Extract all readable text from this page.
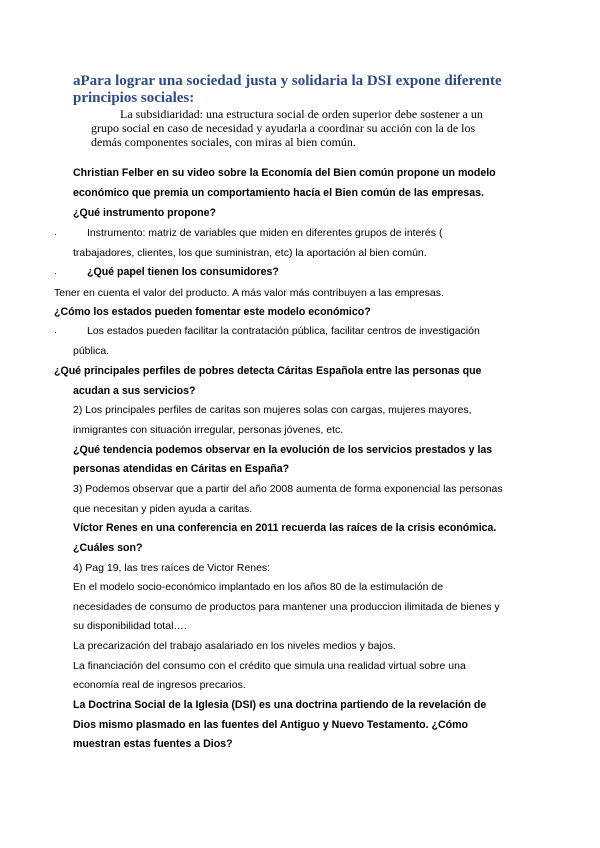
aPara lograr una sociedad justa y solidaria la DSI expone diferente
principios sociales:
La subsidiaridad: una estructura social de orden superior debe sostener a un
grupo social en caso de necesidad y ayudarla a coordinar su acción con la de los
demás componentes sociales, con miras al bien común.
Christian Felber en su video sobre la Economía del Bien común propone un modelo
económico que premia un comportamiento hacía el Bien común de las empresas.
¿Qué instrumento propone?
·	Instrumento: matriz de variables que miden en diferentes grupos de interés (
trabajadores, clientes, los que suministran, etc) la aportación al bien común.
·	¿Qué papel tienen los consumidores?
Tener en cuenta el valor del producto. A más valor más contribuyen a las empresas.
¿Cómo los estados pueden fomentar este modelo económico?
·	Los estados pueden facilitar la contratación pública, facilitar centros de investigación
pública.
¿Qué principales perfiles de pobres detecta Cáritas Española entre las personas que
acudan a sus servicios?
2) Los principales perfiles de caritas son mujeres solas con cargas, mujeres mayores,
inmigrantes con situación irregular, personas jóvenes, etc.
¿Qué tendencia podemos observar en la evolución de los servicios prestados y las
personas atendidas en Cáritas en España?
3) Podemos observar que a partir del año 2008 aumenta de forma exponencial las personas
que necesitan y piden ayuda a caritas.
Víctor Renes en una conferencia en 2011 recuerda las raíces de la crisis económica.
¿Cuáles son?
4) Pag 19, las tres raíces de Victor Renes:
En el modelo socio-económico implantado en los años 80 de la estimulación de
necesidades de consumo de productos para mantener una produccion ilimitada de bienes y
su disponibilidad total….
La precarización del trabajo asalariado en los niveles medios y bajos.
La financiación del consumo con el crédito que simula una realidad virtual sobre una
economía real de ingresos precarios.
La Doctrina Social de la Iglesia (DSI) es una doctrina partiendo de la revelación de
Dios mismo plasmado en las fuentes del Antiguo y Nuevo Testamento. ¿Cómo
muestran estas fuentes a Dios?
